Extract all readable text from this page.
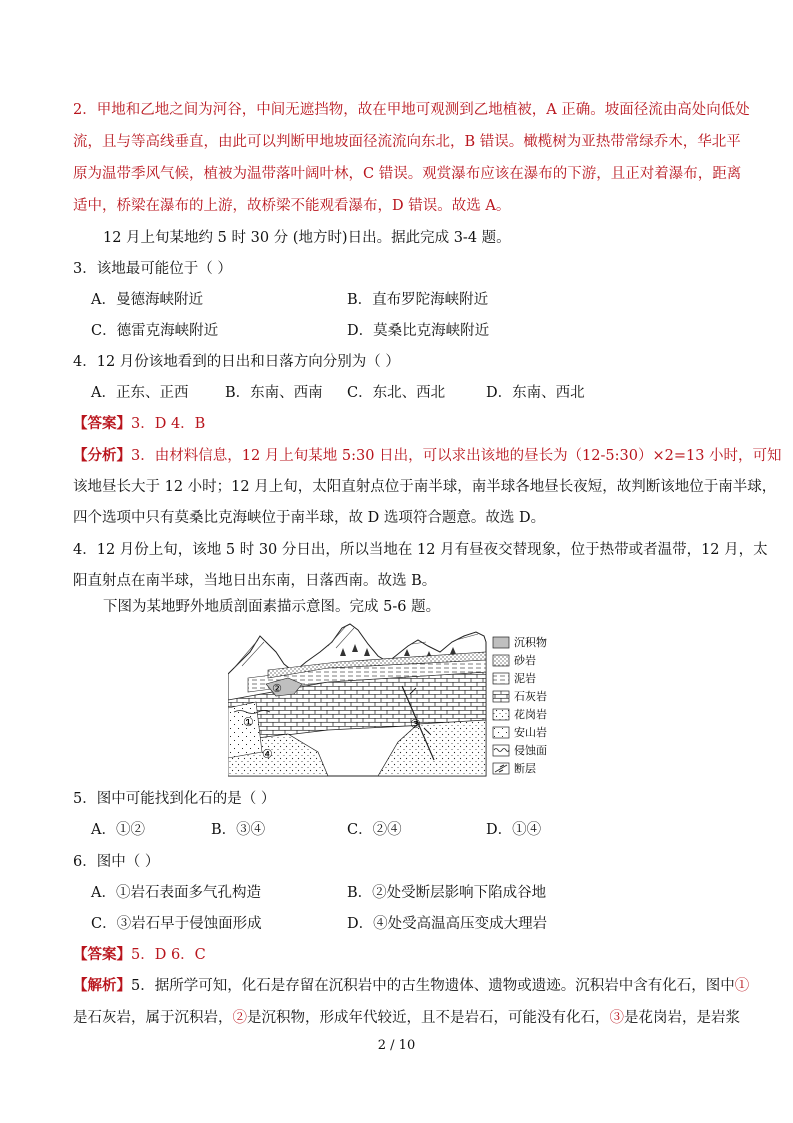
2．甲地和乙地之间为河谷，中间无遮挡物，故在甲地可观测到乙地植被，A 正确。坡面径流由高处向低处
流，且与等高线垂直，由此可以判断甲地坡面径流流向东北，B 错误。橄榄树为亚热带常绿乔木，华北平
原为温带季风气候，植被为温带落叶阔叶林，C 错误。观赏瀑布应该在瀑布的下游，且正对着瀑布，距离
适中，桥梁在瀑布的上游，故桥梁不能观看瀑布，D 错误。故选 A。
12 月上旬某地约 5 时 30 分 (地方时)日出。据此完成 3-4 题。
3．该地最可能位于（ ）
A．曼德海峡附近	B．直布罗陀海峡附近
C．德雷克海峡附近	D．莫桑比克海峡附近
4．12 月份该地看到的日出和日落方向分别为（ ）
A．正东、正西	B．东南、西南 C．东北、西北	D．东南、西北
【答案】3．D 4．B
【分析】3．由材料信息，12 月上旬某地 5:30 日出，可以求出该地的昼长为（12-5:30）×2=13 小时，可知
该地昼长大于 12 小时；12 月上旬，太阳直射点位于南半球，南半球各地昼长夜短，故判断该地位于南半球，
四个选项中只有莫桑比克海峡位于南半球，故 D 选项符合题意。故选 D。
4．12 月份上旬，该地 5 时 30 分日出，所以当地在 12 月有昼夜交替现象，位于热带或者温带，12 月，太
阳直射点在南半球，当地日出东南，日落西南。故选 B。
下图为某地野外地质剖面素描示意图。完成 5-6 题。
①
②
③
④
沉积物
砂岩
泥岩
石灰岩
花岗岩
安山岩
侵蚀面
断层
5．图中可能找到化石的是（ ）
A．①②	B．③④	C．②④	D．①④
6．图中（ ）
A．①岩石表面多气孔构造	B．②处受断层影响下陷成谷地
C．③岩石早于侵蚀面形成	D．④处受高温高压变成大理岩
【答案】5．D 6．C
【解析】5．据所学可知，化石是存留在沉积岩中的古生物遗体、遗物或遗迹。沉积岩中含有化石，图中①
是石灰岩，属于沉积岩，②是沉积物，形成年代较近，且不是岩石，可能没有化石，③是花岗岩，是岩浆
2 / 10
